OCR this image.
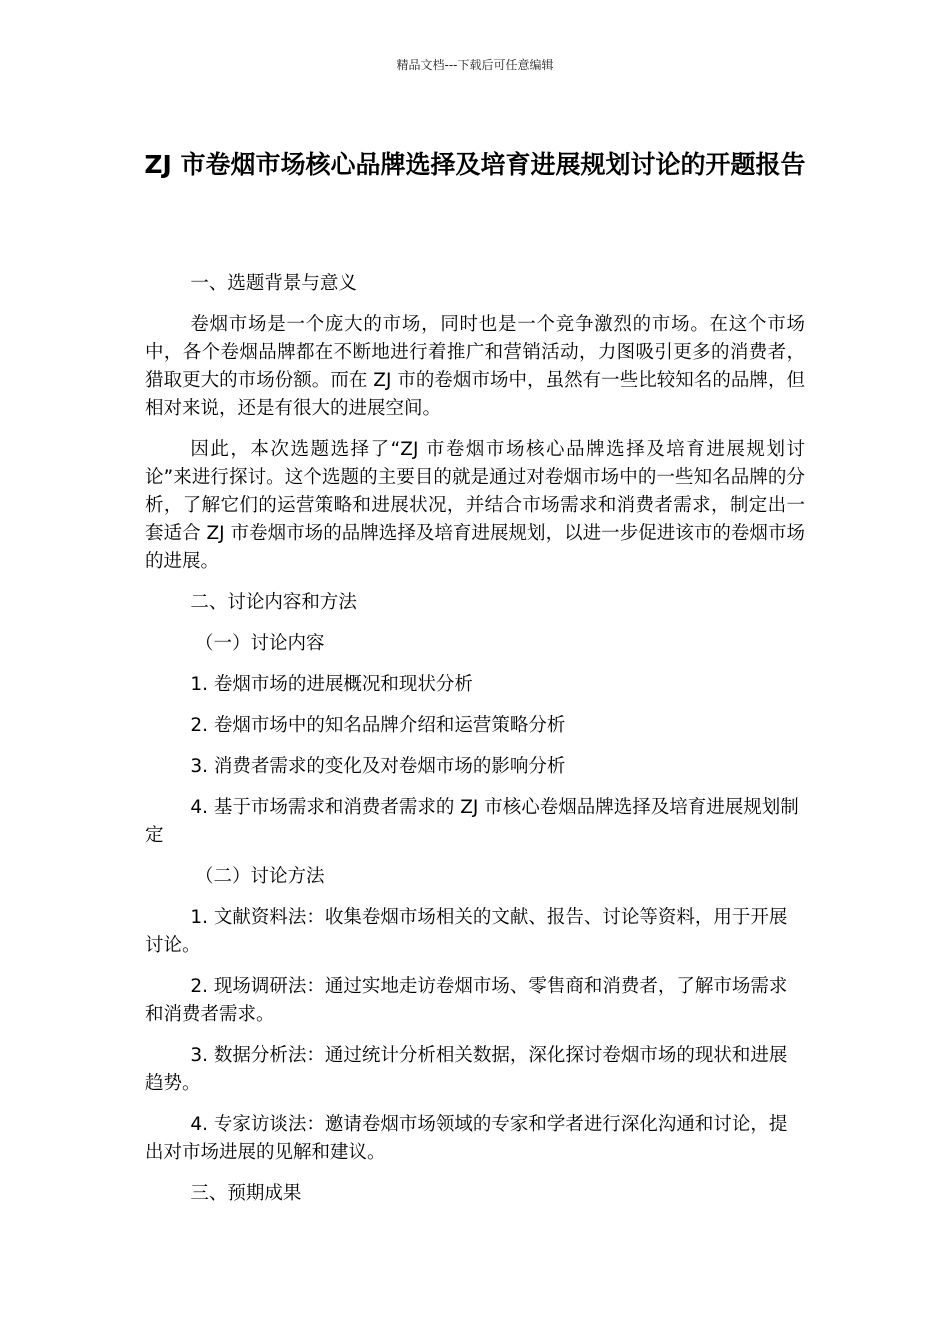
精品文档---下载后可任意编辑
ZJ 市卷烟市场核心品牌选择及培育进展规划讨论的开题报告

一、选题背景与意义

卷烟市场是一个庞大的市场，同时也是一个竞争激烈的市场。在这个市场中，各个卷烟品牌都在不断地进行着推广和营销活动，力图吸引更多的消费者，猎取更大的市场份额。而在 ZJ 市的卷烟市场中，虽然有一些比较知名的品牌，但相对来说，还是有很大的进展空间。

因此，本次选题选择了“ZJ 市卷烟市场核心品牌选择及培育进展规划讨论”来进行探讨。这个选题的主要目的就是通过对卷烟市场中的一些知名品牌的分析，了解它们的运营策略和进展状况，并结合市场需求和消费者需求，制定出一套适合 ZJ 市卷烟市场的品牌选择及培育进展规划，以进一步促进该市的卷烟市场的进展。

二、讨论内容和方法

（一）讨论内容

1. 卷烟市场的进展概况和现状分析

2. 卷烟市场中的知名品牌介绍和运营策略分析

3. 消费者需求的变化及对卷烟市场的影响分析

4. 基于市场需求和消费者需求的 ZJ 市核心卷烟品牌选择及培育进展规划制定

（二）讨论方法

1. 文献资料法：收集卷烟市场相关的文献、报告、讨论等资料，用于开展讨论。

2. 现场调研法：通过实地走访卷烟市场、零售商和消费者，了解市场需求和消费者需求。

3. 数据分析法：通过统计分析相关数据，深化探讨卷烟市场的现状和进展趋势。

4. 专家访谈法：邀请卷烟市场领域的专家和学者进行深化沟通和讨论，提出对市场进展的见解和建议。

三、预期成果
